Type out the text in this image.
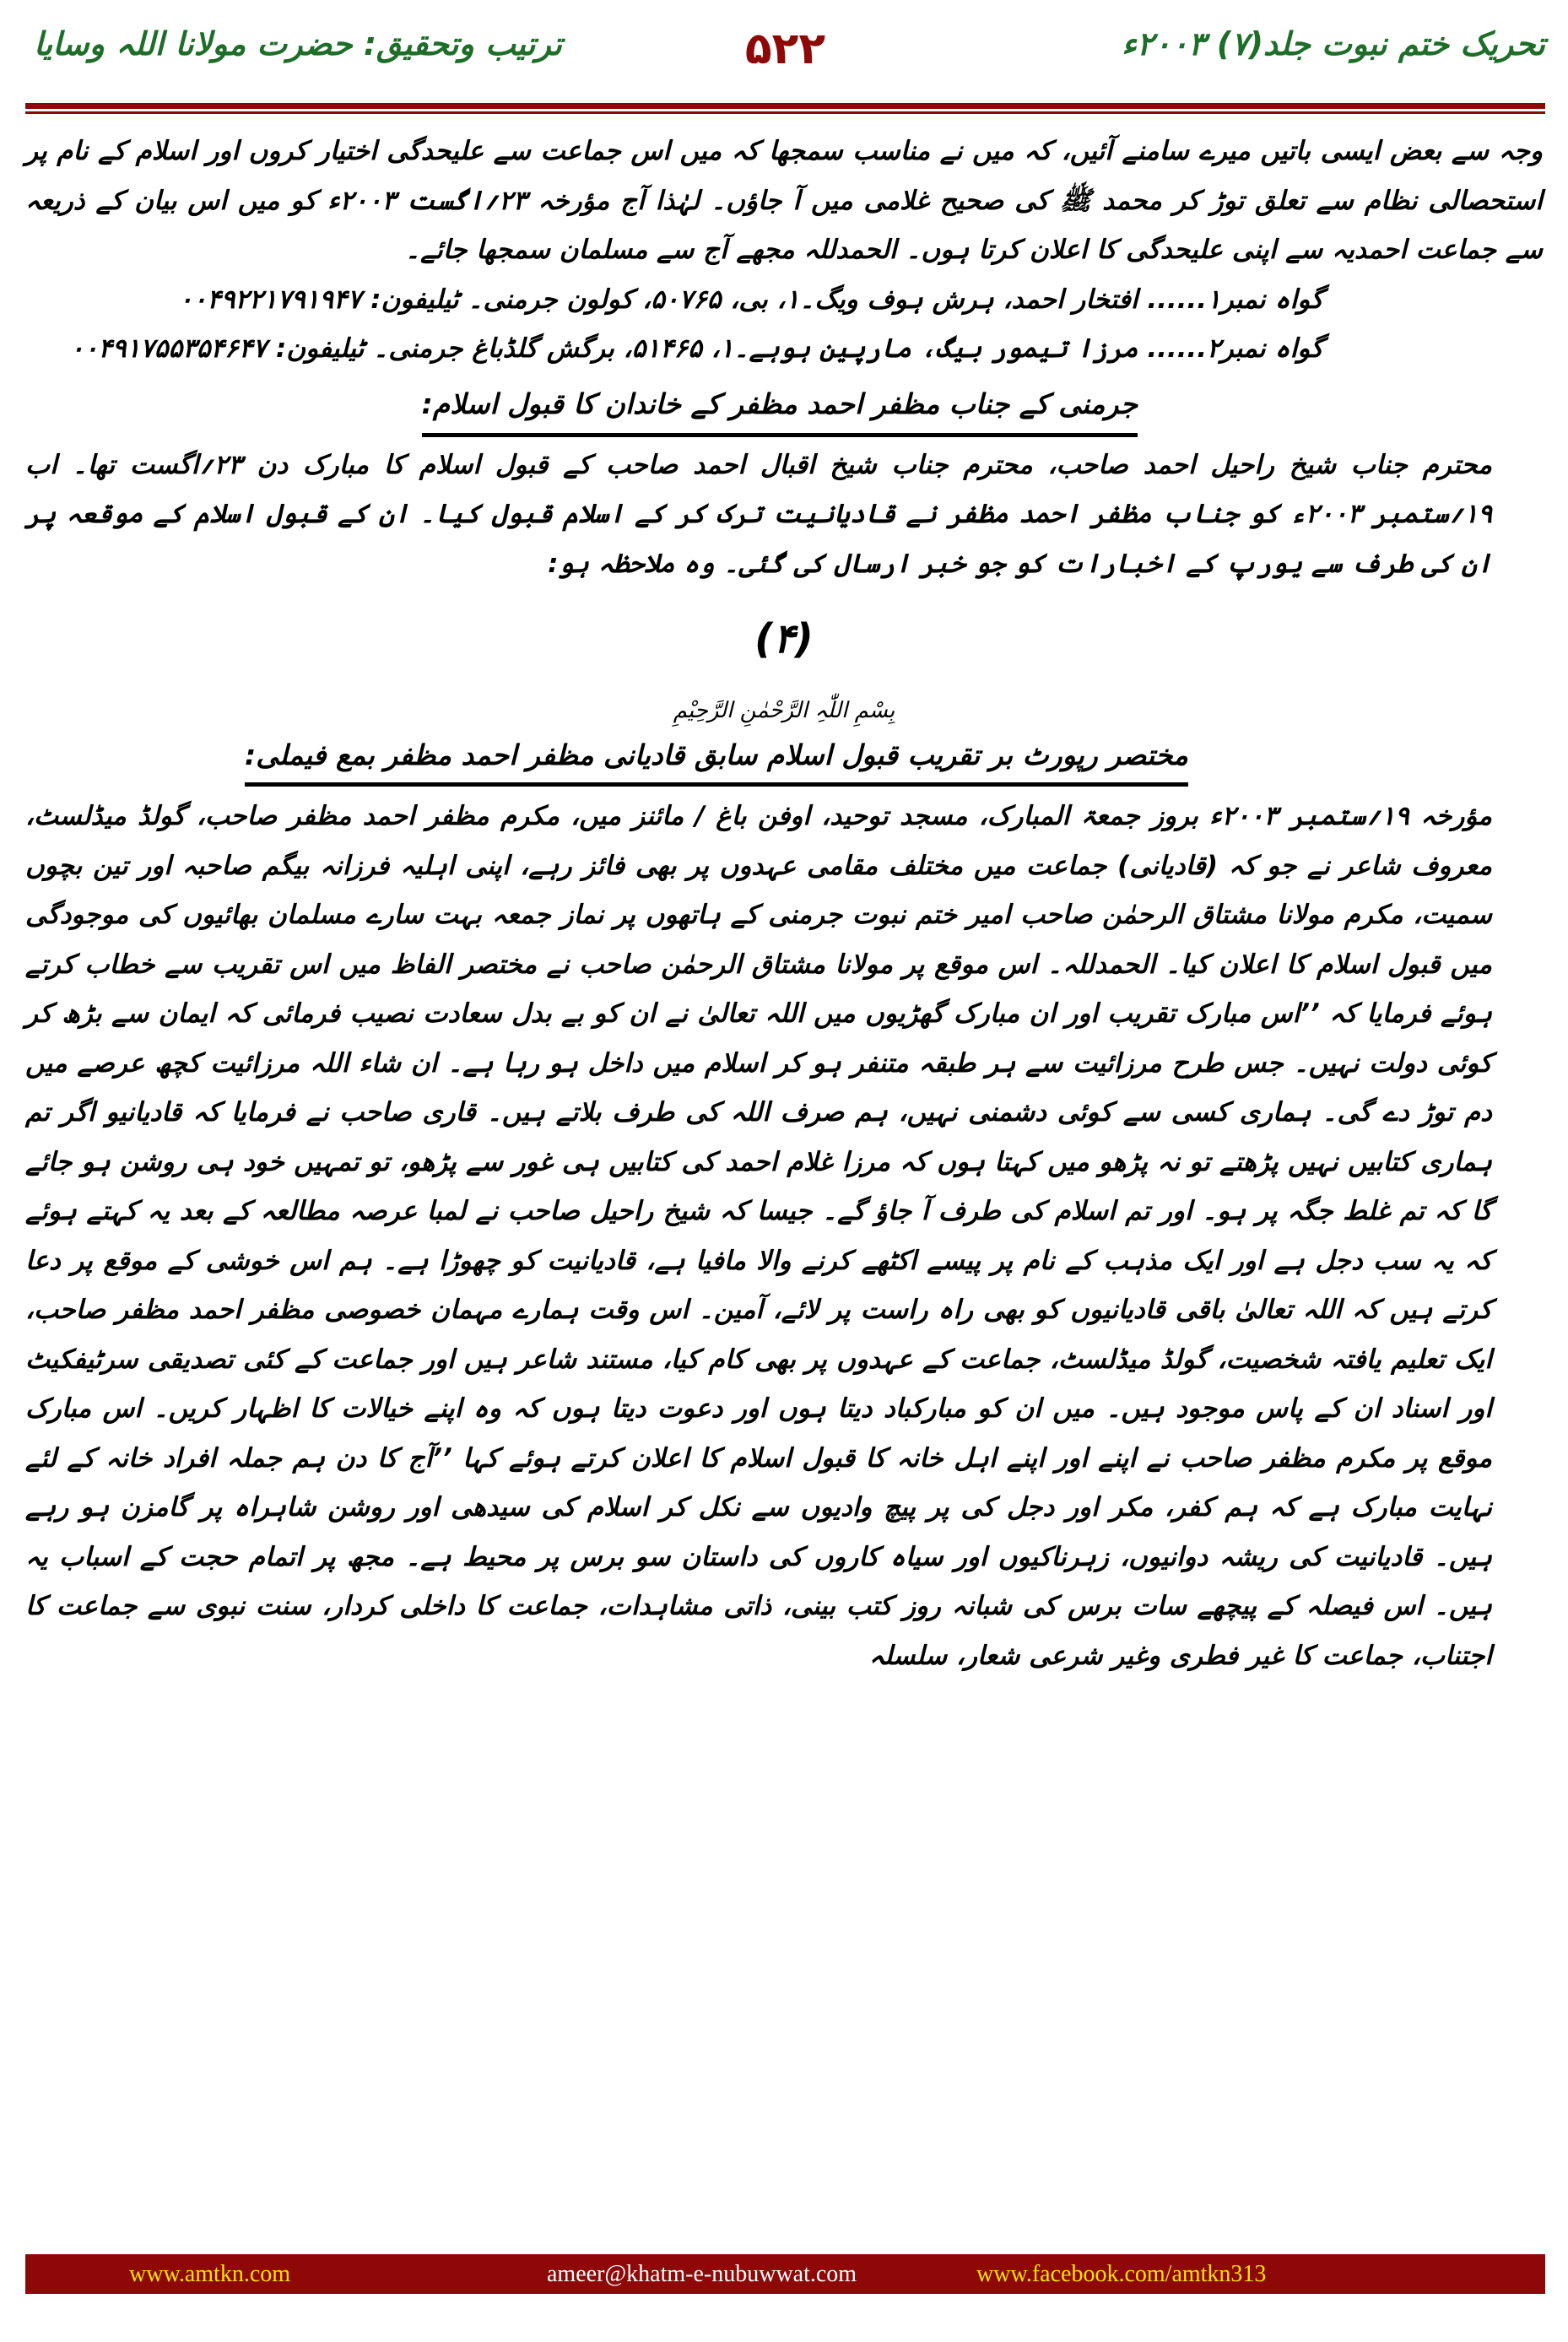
تحریک ختم نبوت جلد(۷) ۲۰۰۳ء
۵۲۲
ترتیب وتحقیق: حضرت مولانا اللہ وسایا

وجہ سے بعض ایسی باتیں میرے سامنے آئیں، کہ میں نے مناسب سمجھا کہ میں اس جماعت سے علیحدگی اختیار کروں اور اسلام کے نام پر استحصالی نظام سے تعلق توڑ کر محمد ﷺ کی صحیح غلامی میں آ جاؤں۔ لہٰذا آج مؤرخہ ۲۳؍اگست ۲۰۰۳ء کو میں اس بیان کے ذریعہ سے جماعت احمدیہ سے اپنی علیحدگی کا اعلان کرتا ہوں۔ الحمدللہ مجھے آج سے مسلمان سمجھا جائے۔

گواہ نمبر۱...... افتخار احمد، ہرش ہوف ویگ۔۱، بی، ۵۰۷۶۵، کولون جرمنی۔ ٹیلیفون: ۰۰۴۹۲۲۱۷۹۱۹۴۷

گواہ نمبر۲...... مرزا تیمور بیگ، مارپین ہوہے۔۱، ۵۱۴۶۵، برگش گلڈباغ جرمنی۔ ٹیلیفون: ۰۰۴۹۱۷۵۵۳۵۴۶۴۷

جرمنی کے جناب مظفر احمد مظفر کے خاندان کا قبول اسلام:

محترم جناب شیخ راحیل احمد صاحب، محترم جناب شیخ اقبال احمد صاحب کے قبول اسلام کا مبارک دن ۲۳؍اگست تھا۔ اب ۱۹؍ستمبر ۲۰۰۳ء کو جناب مظفر احمد مظفر نے قادیانیت ترک کر کے اسلام قبول کیا۔ ان کے قبول اسلام کے موقعہ پر ان کی طرف سے یورپ کے اخبارات کو جو خبر ارسال کی گئی۔ وہ ملاحظہ ہو:

(۴)
بِسْمِ اللّٰہِ الرَّحْمٰنِ الرَّحِیْمِ
مختصر رپورٹ بر تقریب قبول اسلام سابق قادیانی مظفر احمد مظفر بمع فیملی:

مؤرخہ ۱۹؍ستمبر ۲۰۰۳ء بروز جمعۃ المبارک، مسجد توحید، اوفن باغ / مائنز میں، مکرم مظفر احمد مظفر صاحب، گولڈ میڈلسٹ، معروف شاعر نے جو کہ (قادیانی) جماعت میں مختلف مقامی عہدوں پر بھی فائز رہے، اپنی اہلیہ فرزانہ بیگم صاحبہ اور تین بچوں سمیت، مکرم مولانا مشتاق الرحمٰن صاحب امیر ختم نبوت جرمنی کے ہاتھوں پر نماز جمعہ بہت سارے مسلمان بھائیوں کی موجودگی میں قبول اسلام کا اعلان کیا۔ الحمدللہ۔ اس موقع پر مولانا مشتاق الرحمٰن صاحب نے مختصر الفاظ میں اس تقریب سے خطاب کرتے ہوئے فرمایا کہ ’’اس مبارک تقریب اور ان مبارک گھڑیوں میں اللہ تعالیٰ نے ان کو بے بدل سعادت نصیب فرمائی کہ ایمان سے بڑھ کر کوئی دولت نہیں۔ جس طرح مرزائیت سے ہر طبقہ متنفر ہو کر اسلام میں داخل ہو رہا ہے۔ ان شاء اللہ مرزائیت کچھ عرصے میں دم توڑ دے گی۔ ہماری کسی سے کوئی دشمنی نہیں، ہم صرف اللہ کی طرف بلاتے ہیں۔ قاری صاحب نے فرمایا کہ قادیانیو اگر تم ہماری کتابیں نہیں پڑھتے تو نہ پڑھو میں کہتا ہوں کہ مرزا غلام احمد کی کتابیں ہی غور سے پڑھو، تو تمہیں خود ہی روشن ہو جائے گا کہ تم غلط جگہ پر ہو۔ اور تم اسلام کی طرف آ جاؤ گے۔ جیسا کہ شیخ راحیل صاحب نے لمبا عرصہ مطالعہ کے بعد یہ کہتے ہوئے کہ یہ سب دجل ہے اور ایک مذہب کے نام پر پیسے اکٹھے کرنے والا مافیا ہے، قادیانیت کو چھوڑا ہے۔ ہم اس خوشی کے موقع پر دعا کرتے ہیں کہ اللہ تعالیٰ باقی قادیانیوں کو بھی راہ راست پر لائے، آمین۔ اس وقت ہمارے مہمان خصوصی مظفر احمد مظفر صاحب، ایک تعلیم یافتہ شخصیت، گولڈ میڈلسٹ، جماعت کے عہدوں پر بھی کام کیا، مستند شاعر ہیں اور جماعت کے کئی تصدیقی سرٹیفکیٹ اور اسناد ان کے پاس موجود ہیں۔ میں ان کو مبارکباد دیتا ہوں اور دعوت دیتا ہوں کہ وہ اپنے خیالات کا اظہار کریں۔ اس مبارک موقع پر مکرم مظفر صاحب نے اپنے اور اپنے اہل خانہ کا قبول اسلام کا اعلان کرتے ہوئے کہا ’’آج کا دن ہم جملہ افراد خانہ کے لئے نہایت مبارک ہے کہ ہم کفر، مکر اور دجل کی پر پیچ وادیوں سے نکل کر اسلام کی سیدھی اور روشن شاہراہ پر گامزن ہو رہے ہیں۔ قادیانیت کی ریشہ دوانیوں، زہرناکیوں اور سیاہ کاروں کی داستان سو برس پر محیط ہے۔ مجھ پر اتمام حجت کے اسباب یہ ہیں۔ اس فیصلہ کے پیچھے سات برس کی شبانہ روز کتب بینی، ذاتی مشاہدات، جماعت کا داخلی کردار، سنت نبوی سے جماعت کا اجتناب، جماعت کا غیر فطری وغیر شرعی شعار، سلسلہ

www.amtkn.com	ameer@khatm-e-nubuwwat.com	www.facebook.com/amtkn313
